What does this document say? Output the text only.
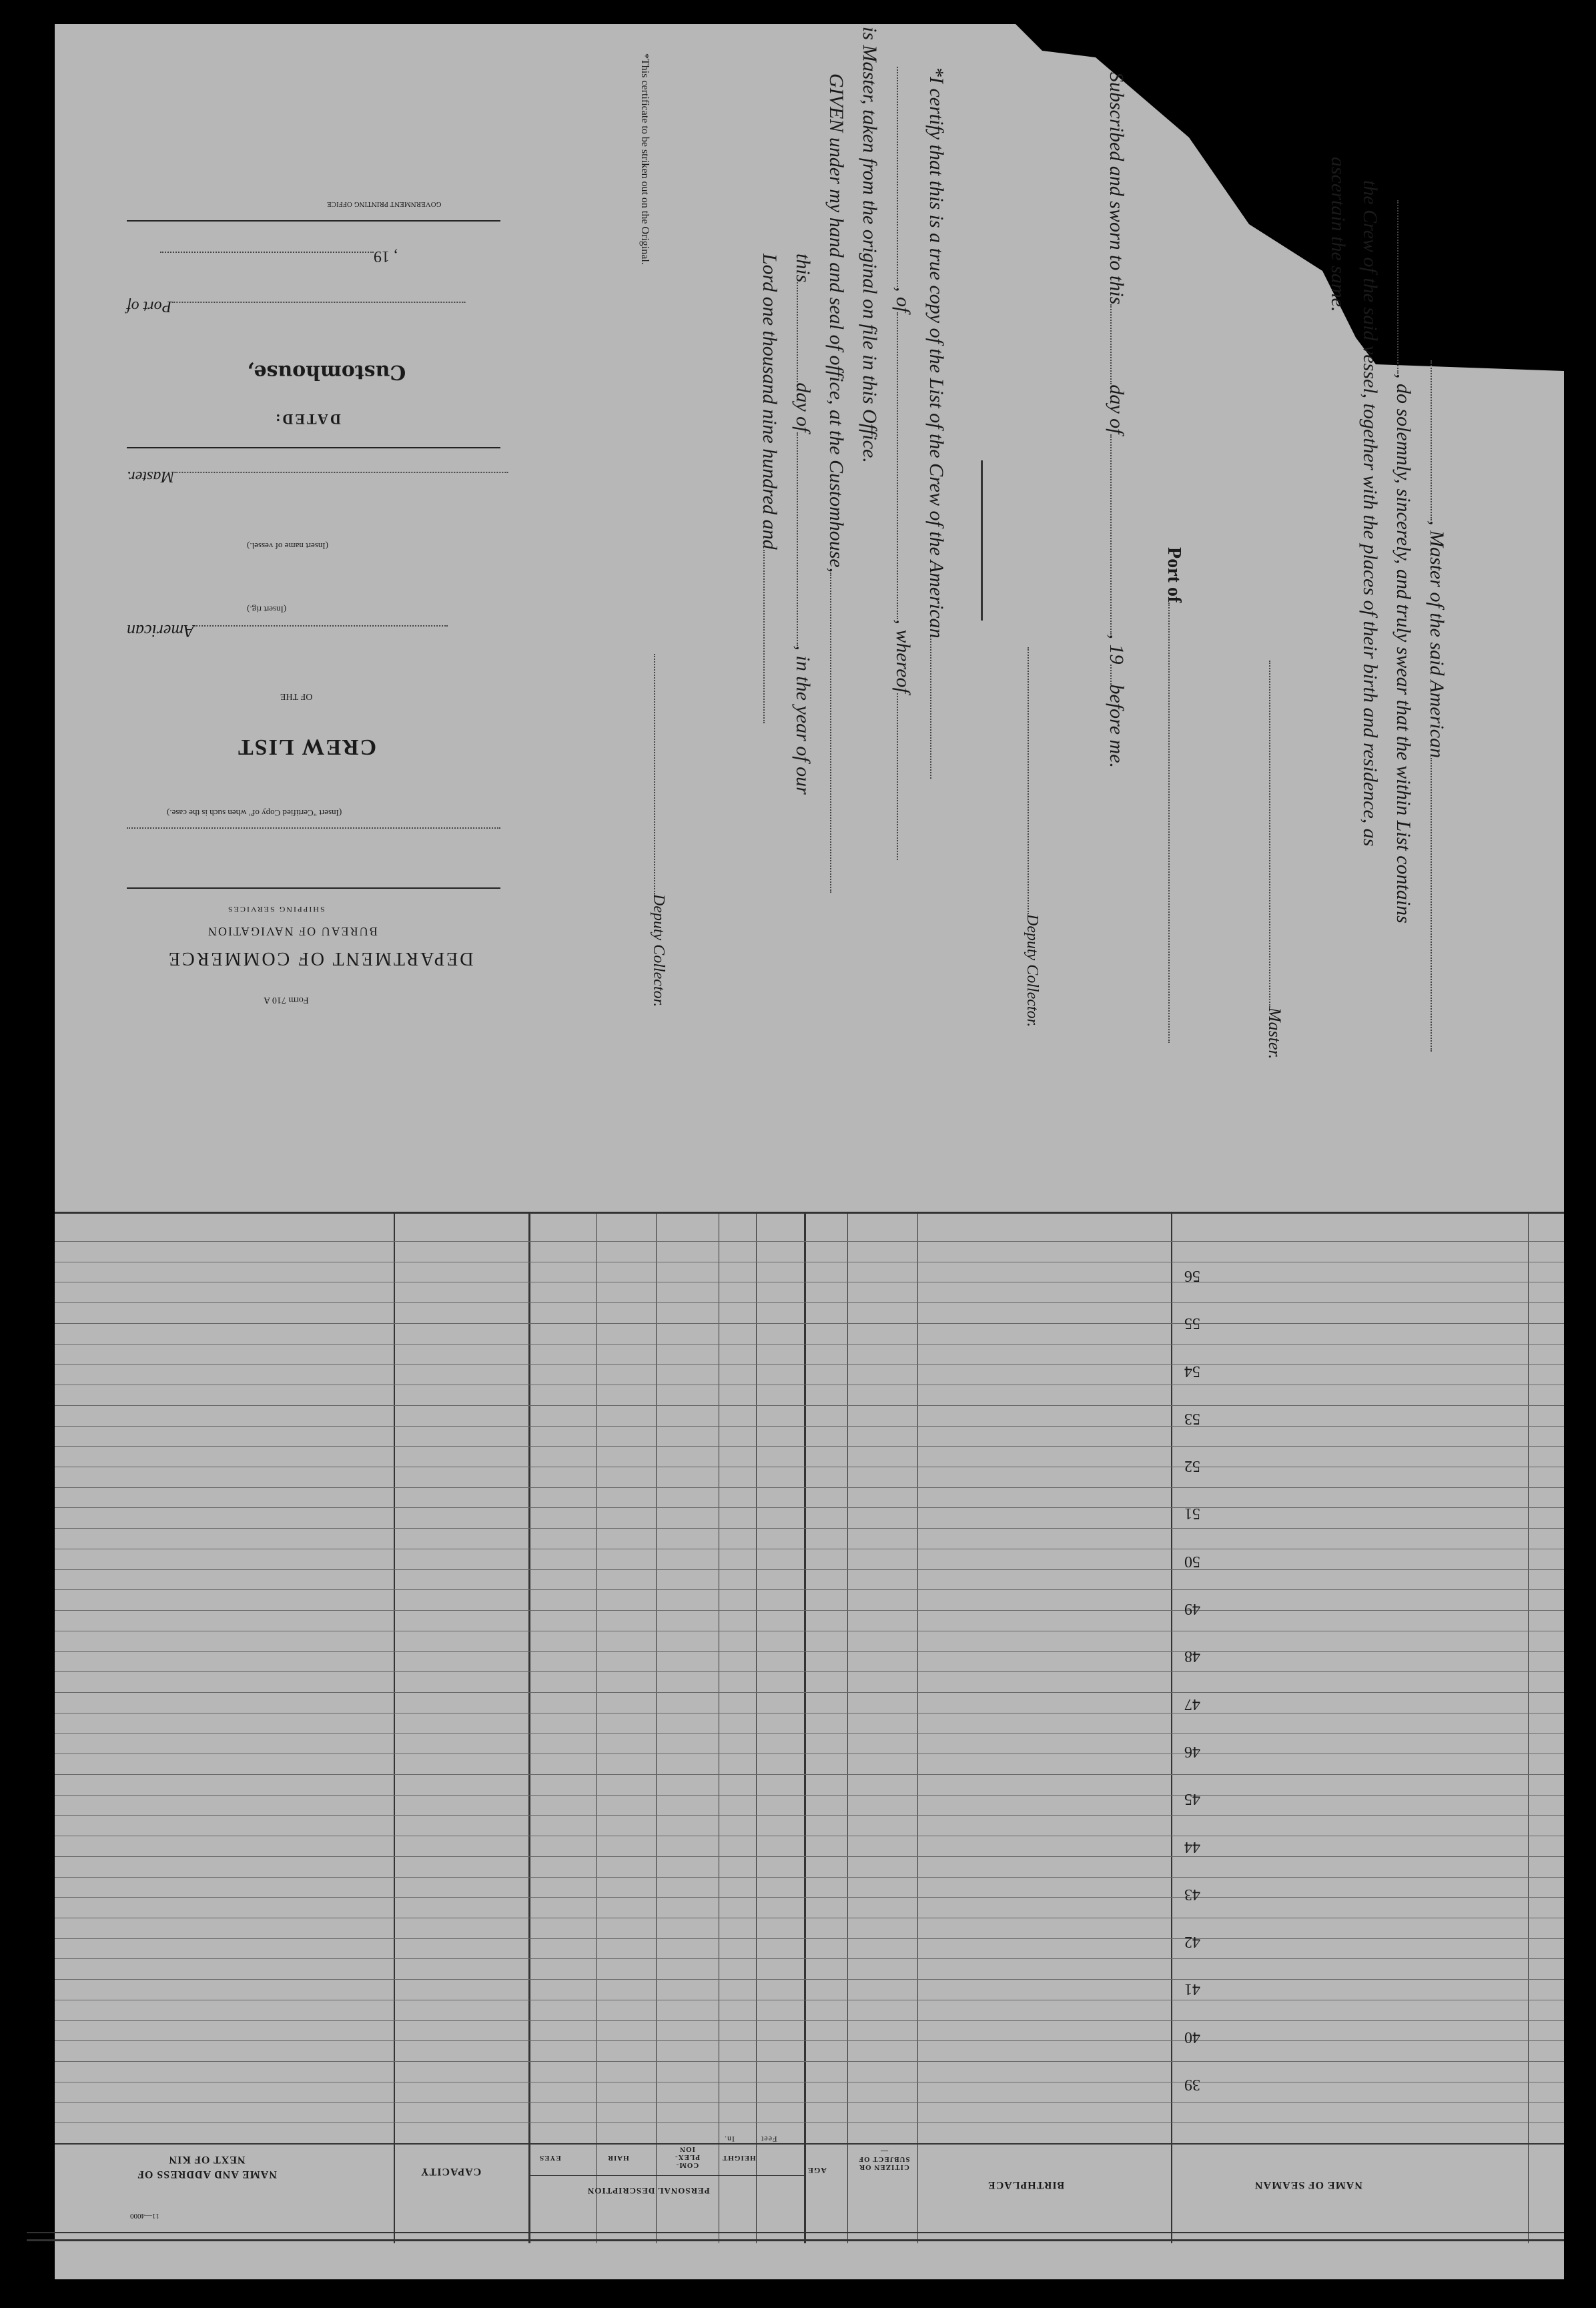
, Master of the said American
, do solemnly, sincerely, and truly swear that the within List contains
the Crew of the said vessel, together with the places of their birth and residence, as
ascertain the same.
Master.
Port of
Subscribed and sworn to thisday of, 19before me.
Deputy Collector.
*I certify that this is a true copy of the List of the Crew of the American
, of, whereof
is Master, taken from the original on file in this Office.
GIVEN under my hand and seal of office, at the Customhouse,
thisday of, in the year of our
Lord one thousand nine hundred and
Deputy Collector.
*This certificate to be striken out on the Original.
GOVERNMENT PRINTING OFFICE
, 19
Port of
Customhouse,
DATED:
Master.
(Insert name of vessel.)
American
(Insert rig.)
OF THE
CREW LIST
(Insert "Certified Copy of" when such is the case.)
SHIPPING SERVICES
BUREAU OF NAVIGATION
DEPARTMENT OF COMMERCE
Form 710 A
39
40
41
42
43
44
45
46
47
48
49
50
51
52
53
54
55
56
NAME OF SEAMAN
BIRTHPLACE
CITIZEN OR SUBJECT OF—
AGE
PERSONAL DESCRIPTION
HEIGHT
Feet
In.
COM-PLEX-ION
HAIR
EYES
CAPACITY
NAME AND ADDRESS OF NEXT OF KIN
11—4000
